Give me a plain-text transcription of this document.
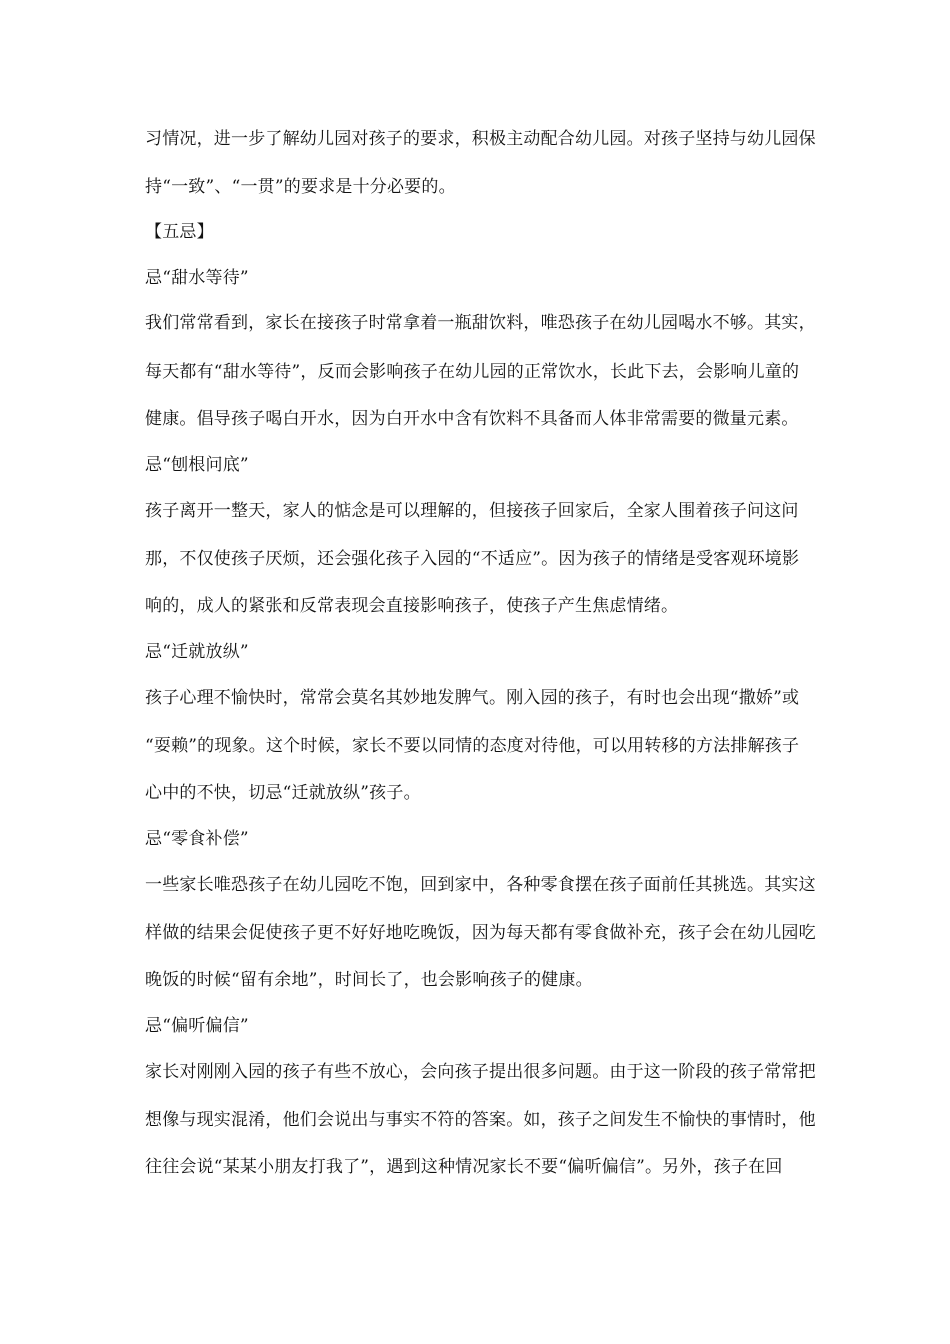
习情况，进一步了解幼儿园对孩子的要求，积极主动配合幼儿园。对孩子坚持与幼儿园保
持“一致”、“一贯”的要求是十分必要的。
【五忌】
忌“甜水等待”
我们常常看到，家长在接孩子时常拿着一瓶甜饮料，唯恐孩子在幼儿园喝水不够。其实，
每天都有“甜水等待”，反而会影响孩子在幼儿园的正常饮水，长此下去，会影响儿童的
健康。倡导孩子喝白开水，因为白开水中含有饮料不具备而人体非常需要的微量元素。
忌“刨根问底”
孩子离开一整天，家人的惦念是可以理解的，但接孩子回家后，全家人围着孩子问这问
那，不仅使孩子厌烦，还会强化孩子入园的“不适应”。因为孩子的情绪是受客观环境影
响的，成人的紧张和反常表现会直接影响孩子，使孩子产生焦虑情绪。
忌“迁就放纵”
孩子心理不愉快时，常常会莫名其妙地发脾气。刚入园的孩子，有时也会出现“撒娇”或
“耍赖”的现象。这个时候，家长不要以同情的态度对待他，可以用转移的方法排解孩子
心中的不快，切忌“迁就放纵”孩子。
忌“零食补偿”
一些家长唯恐孩子在幼儿园吃不饱，回到家中，各种零食摆在孩子面前任其挑选。其实这
样做的结果会促使孩子更不好好地吃晚饭，因为每天都有零食做补充，孩子会在幼儿园吃
晚饭的时候“留有余地”，时间长了，也会影响孩子的健康。
忌“偏听偏信”
家长对刚刚入园的孩子有些不放心，会向孩子提出很多问题。由于这一阶段的孩子常常把
想像与现实混淆，他们会说出与事实不符的答案。如，孩子之间发生不愉快的事情时，他
往往会说“某某小朋友打我了”，遇到这种情况家长不要“偏听偏信”。另外，孩子在回
